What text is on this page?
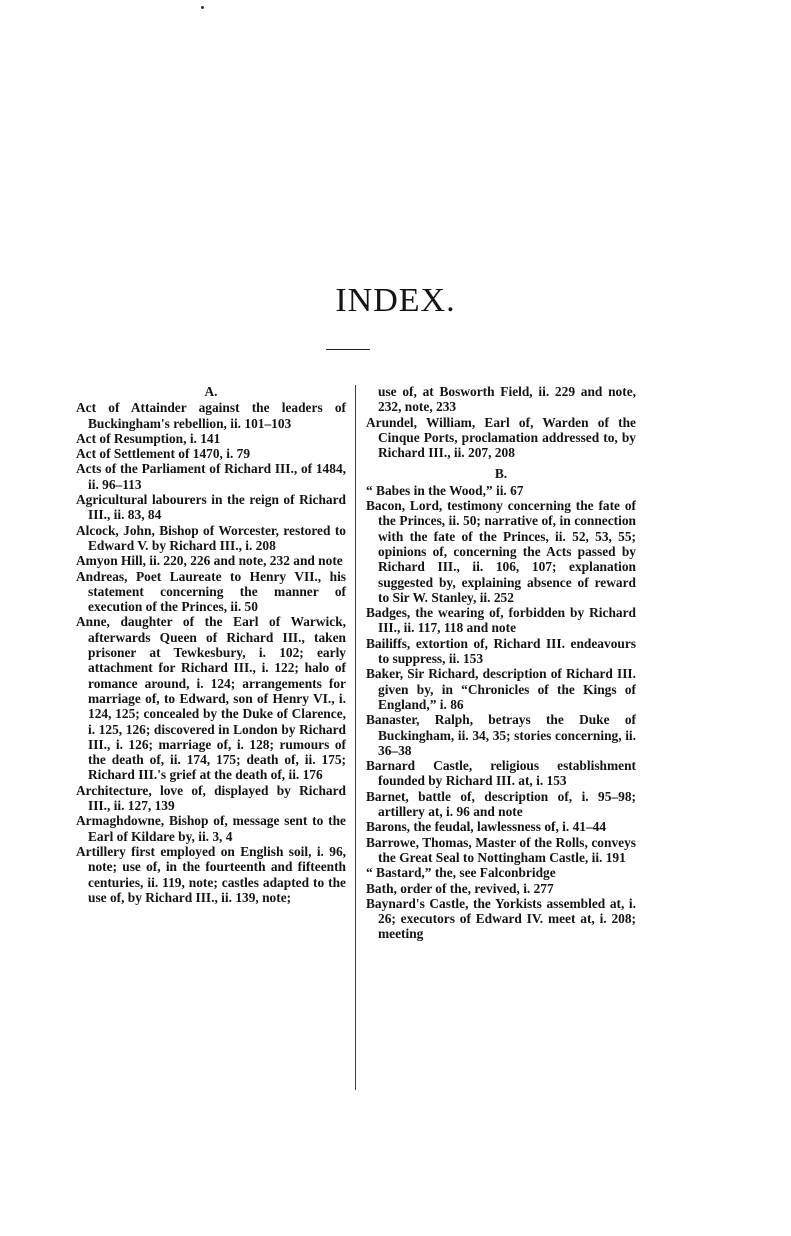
INDEX.
A.

Act of Attainder against the leaders of Buckingham's rebellion, ii. 101–103

Act of Resumption, i. 141

Act of Settlement of 1470, i. 79

Acts of the Parliament of Richard III., of 1484, ii. 96–113

Agricultural labourers in the reign of Richard III., ii. 83, 84

Alcock, John, Bishop of Worcester, restored to Edward V. by Richard III., i. 208

Amyon Hill, ii. 220, 226 and note, 232 and note

Andreas, Poet Laureate to Henry VII., his statement concerning the manner of execution of the Princes, ii. 50

Anne, daughter of the Earl of Warwick, afterwards Queen of Richard III., taken prisoner at Tewkesbury, i. 102; early attachment for Richard III., i. 122; halo of romance around, i. 124; arrangements for marriage of, to Edward, son of Henry VI., i. 124, 125; concealed by the Duke of Clarence, i. 125, 126; discovered in London by Richard III., i. 126; marriage of, i. 128; rumours of the death of, ii. 174, 175; death of, ii. 175; Richard III.'s grief at the death of, ii. 176

Architecture, love of, displayed by Richard III., ii. 127, 139

Armaghdowne, Bishop of, message sent to the Earl of Kildare by, ii. 3, 4

Artillery first employed on English soil, i. 96, note; use of, in the fourteenth and fifteenth centuries, ii. 119, note; castles adapted to the use of, by Richard III., ii. 139, note;

use of, at Bosworth Field, ii. 229 and note, 232, note, 233

Arundel, William, Earl of, Warden of the Cinque Ports, proclamation addressed to, by Richard III., ii. 207, 208

B.

“ Babes in the Wood,” ii. 67

Bacon, Lord, testimony concerning the fate of the Princes, ii. 50; narrative of, in connection with the fate of the Princes, ii. 52, 53, 55; opinions of, concerning the Acts passed by Richard III., ii. 106, 107; explanation suggested by, explaining absence of reward to Sir W. Stanley, ii. 252

Badges, the wearing of, forbidden by Richard III., ii. 117, 118 and note

Bailiffs, extortion of, Richard III. endeavours to suppress, ii. 153

Baker, Sir Richard, description of Richard III. given by, in “Chronicles of the Kings of England,” i. 86

Banaster, Ralph, betrays the Duke of Buckingham, ii. 34, 35; stories concerning, ii. 36–38

Barnard Castle, religious establishment founded by Richard III. at, i. 153

Barnet, battle of, description of, i. 95–98; artillery at, i. 96 and note

Barons, the feudal, lawlessness of, i. 41–44

Barrowe, Thomas, Master of the Rolls, conveys the Great Seal to Nottingham Castle, ii. 191

“ Bastard,” the, see Falconbridge

Bath, order of the, revived, i. 277

Baynard's Castle, the Yorkists assembled at, i. 26; executors of Edward IV. meet at, i. 208; meeting
